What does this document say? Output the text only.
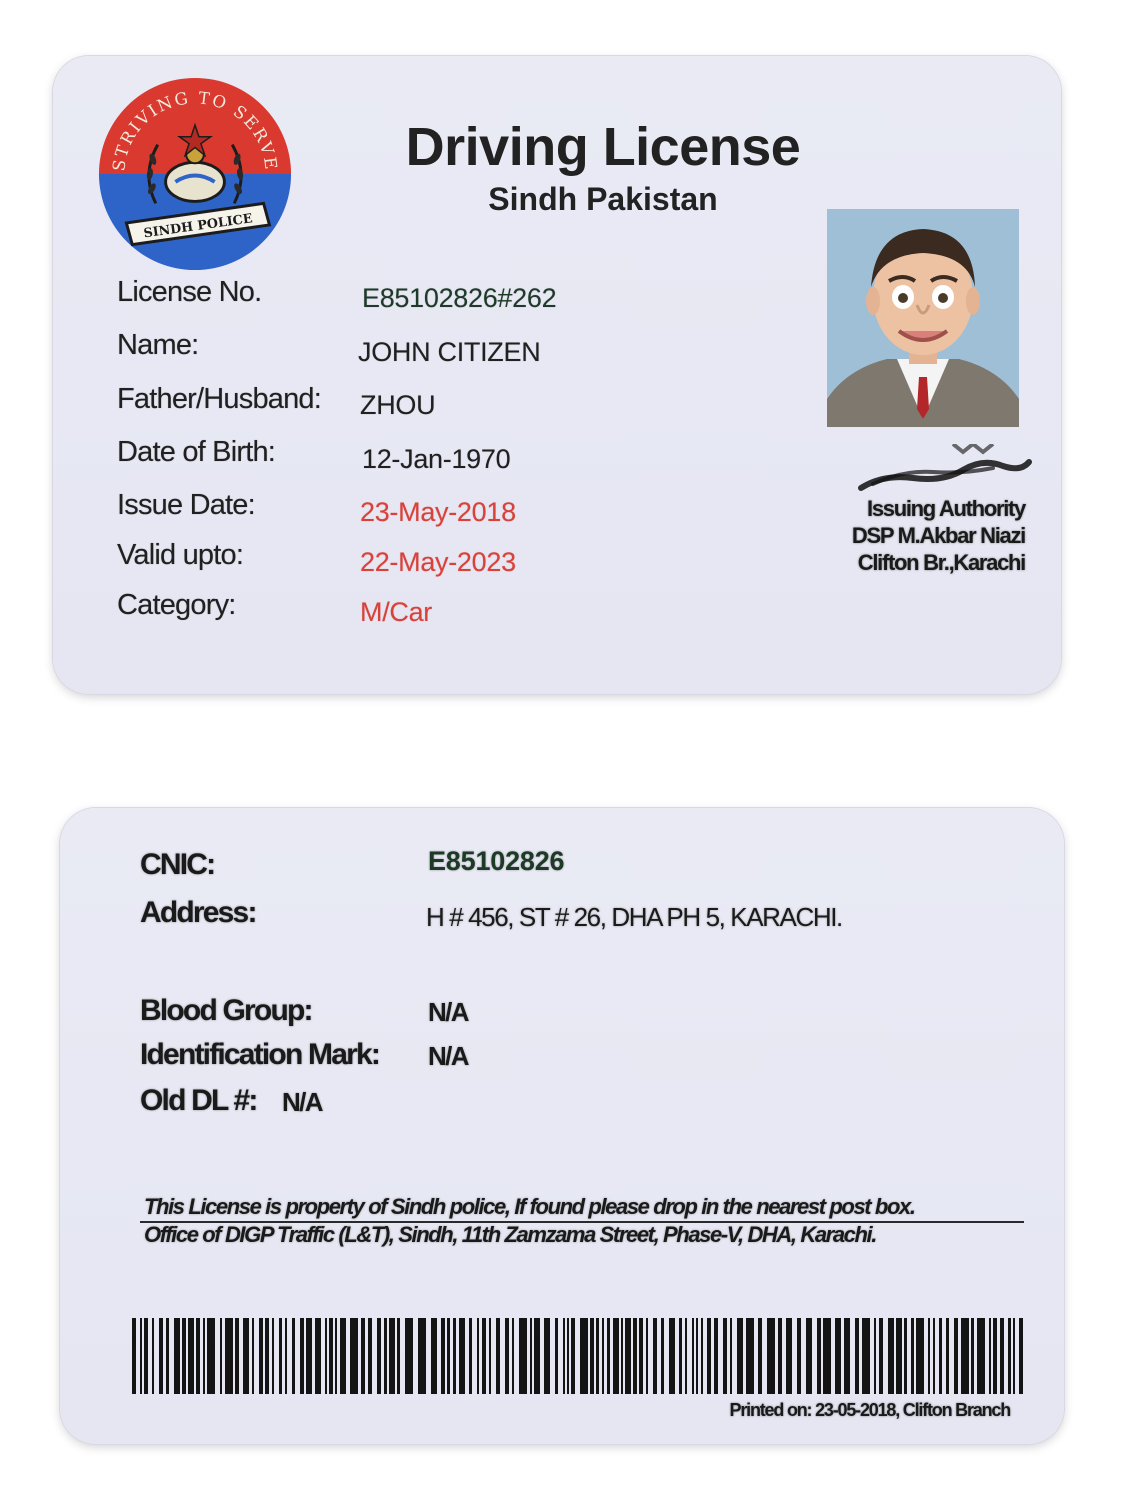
STRIVING TO SERVE
SINDH POLICE
Driving License
Sindh Pakistan
License No.	E85102826#262
Name:	JOHN CITIZEN
Father/Husband: ZHOU
Date of Birth:	12-Jan-1970
Issue Date:	23-May-2018
Valid upto:	22-May-2023
Category:	M/Car
Issuing Authority
DSP M.Akbar Niazi
Clifton Br.,Karachi
CNIC:	E85102826
Address:	H # 456, ST # 26, DHA PH 5, KARACHI.
Blood Group:	N/A
Identification Mark: N/A
Old DL #: N/A
This License is property of Sindh police, If found please drop in the nearest post box.
Office of DIGP Traffic (L&T), Sindh, 11th Zamzama Street, Phase-V, DHA, Karachi.
Printed on: 23-05-2018, Clifton Branch
